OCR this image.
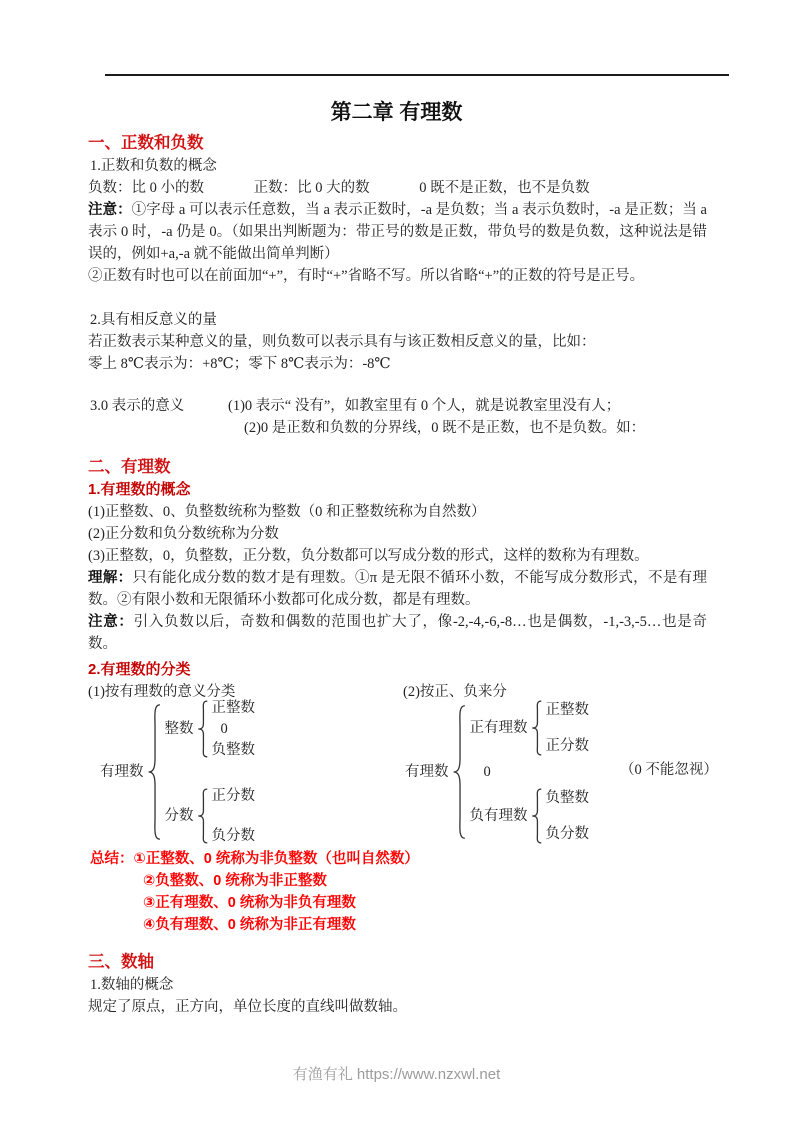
第二章 有理数
一、正数和负数
1.正数和负数的概念
负数：比 0 小的数	正数：比 0 大的数	0 既不是正数，也不是负数
注意：①字母 a 可以表示任意数，当 a 表示正数时，-a 是负数；当 a 表示负数时，-a 是正数；当 a 表示 0 时，-a 仍是 0。（如果出判断题为：带正号的数是正数，带负号的数是负数，这种说法是错误的，例如+a,-a 就不能做出简单判断）
②正数有时也可以在前面加“+”，有时“+”省略不写。所以省略“+”的正数的符号是正号。
2.具有相反意义的量
若正数表示某种意义的量，则负数可以表示具有与该正数相反意义的量，比如：
零上 8℃表示为：+8℃；零下 8℃表示为：-8℃
3.0 表示的意义	(1)0 表示“ 没有”，如教室里有 0 个人，就是说教室里没有人；
(2)0 是正数和负数的分界线，0 既不是正数，也不是负数。如：
二、有理数
1.有理数的概念
(1)正整数、0、负整数统称为整数（0 和正整数统称为自然数）
(2)正分数和负分数统称为分数
(3)正整数，0，负整数，正分数，负分数都可以写成分数的形式，这样的数称为有理数。
理解：只有能化成分数的数才是有理数。①π 是无限不循环小数，不能写成分数形式，不是有理数。②有限小数和无限循环小数都可化成分数，都是有理数。
注意：引入负数以后，奇数和偶数的范围也扩大了，像-2,-4,-6,-8…也是偶数，-1,-3,-5…也是奇数。
2.有理数的分类
(1)按有理数的意义分类	(2)按正、负来分
有理数
整数
正整数
0
负整数
分数
正分数
负分数
有理数
正有理数
正整数
正分数
0
负有理数
负整数
负分数
（0 不能忽视）
总结：①正整数、0 统称为非负整数（也叫自然数）
②负整数、0 统称为非正整数
③正有理数、0 统称为非负有理数
④负有理数、0 统称为非正有理数
三、数轴
1.数轴的概念
规定了原点，正方向，单位长度的直线叫做数轴。
有渔有礼 https://www.nzxwl.net
